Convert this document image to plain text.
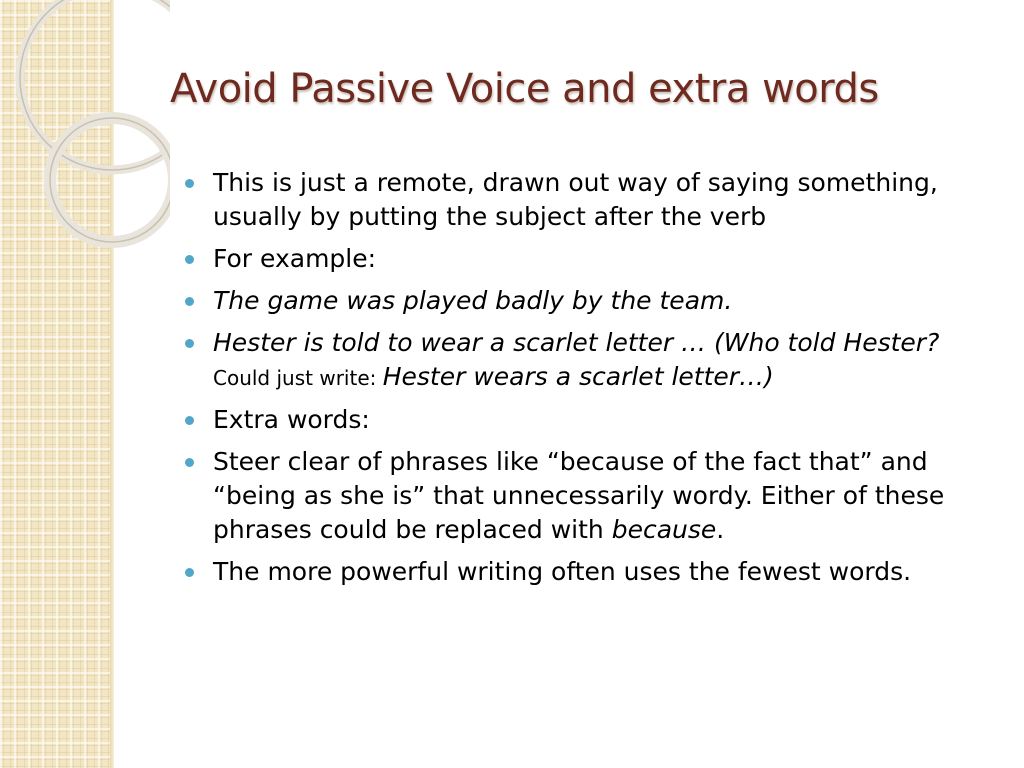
Avoid Passive Voice and extra words
This is just a remote, drawn out way of saying something, usually by putting the subject after the verb
For example:
The game was played badly by the team.
Hester is told to wear a scarlet letter … (Who told Hester? Could just write: Hester wears a scarlet letter…)
Extra words:
Steer clear of phrases like “because of the fact that” and “being as she is” that unnecessarily wordy. Either of these phrases could be replaced with because.
The more powerful writing often uses the fewest words.
